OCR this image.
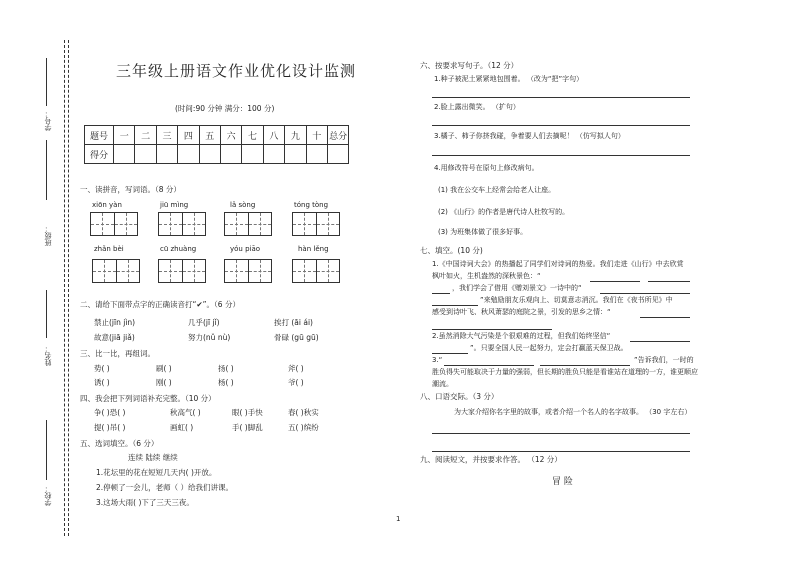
学号：
班级：
姓名：
学校：
三年级上册语文作业优化设计监测
(时间:90 分钟 满分：100 分)
题号	一	二	三	四	五	六	七	八	九	十	总分
得分											
一、读拼音，写词语。（8 分）
xiōn yàn	jiū mìng	lǎ sòng	tóng tòng
zhǎn bèi	cū zhuàng	yóu piāo	hàn lěng
二、请给下面带点字的正确读音打“✔”。（6 分）
禁止(jīn jìn)	几乎(jī jǐ)	挨打 (āi ái)
故意(jiā jiǎ)	努力(nǔ nù)	骨碌 (gū gū)
三、比一比，再组词。
势( )	刷( )	扬( )	斧( )
诱( )	刚( )	杨( )	爷( )
四、我会把下列词语补充完整。（10 分）
争( )恐( )	秋高气( )	眼( )手快	春( )秋实
提( )吊( )	画虹( )	手( )脚乱	五( )缤纷
五、选词填空。（6 分）
连续 陆续 继续
1.花坛里的花在短短几天内( )开放。
2.停顿了一会儿，老师（ ）给我们讲课。
3.这场大雨( )下了三天三夜。
1
六、按要求写句子。（12 分）
1.种子被泥土紧紧地包围着。 （改为“把”字句）
2.脸上露出微笑。 （扩句）
3.橘子、柿子你挤我碰，争着要人们去摘呢！ （仿写拟人句）
4.用修改符号在原句上修改病句。
(1) 我在公交车上经常会给老人让座。
(2) 《山行》的作者是唐代诗人杜牧写的。
(3) 为班集体做了很多好事。
七、填空。(10 分)
1.《中国诗词大会》的热播起了同学们对诗词的热爱。我们走进《山行》中去欣赏
枫叶如火，生机盎然的深秋景色：“
，我们学会了借用《赠刘景文》一诗中的“
”来勉励朋友乐观向上、切莫意志消沉。我们在《夜书所见》中
感受到诗叶飞、秋风萧瑟的庭院之景，引发的思乡之情：“
2.虽然消除大气污染是个很艰难的过程，但我们始终坚信“
”。只要全国人民一起努力，定会打赢蓝天保卫战。
3.“	”告诉我们，一时的
胜负得失可能取决于力量的强弱，但长期的胜负只能是看谁站在道理的一方，谁更顺应
潮流。
八、口语交际。（3 分）
为大家介绍你名字里的故事，或者介绍一个名人的名字故事。 （30 字左右）
九、阅读短文，并按要求作答。 （12 分）
冒 险
